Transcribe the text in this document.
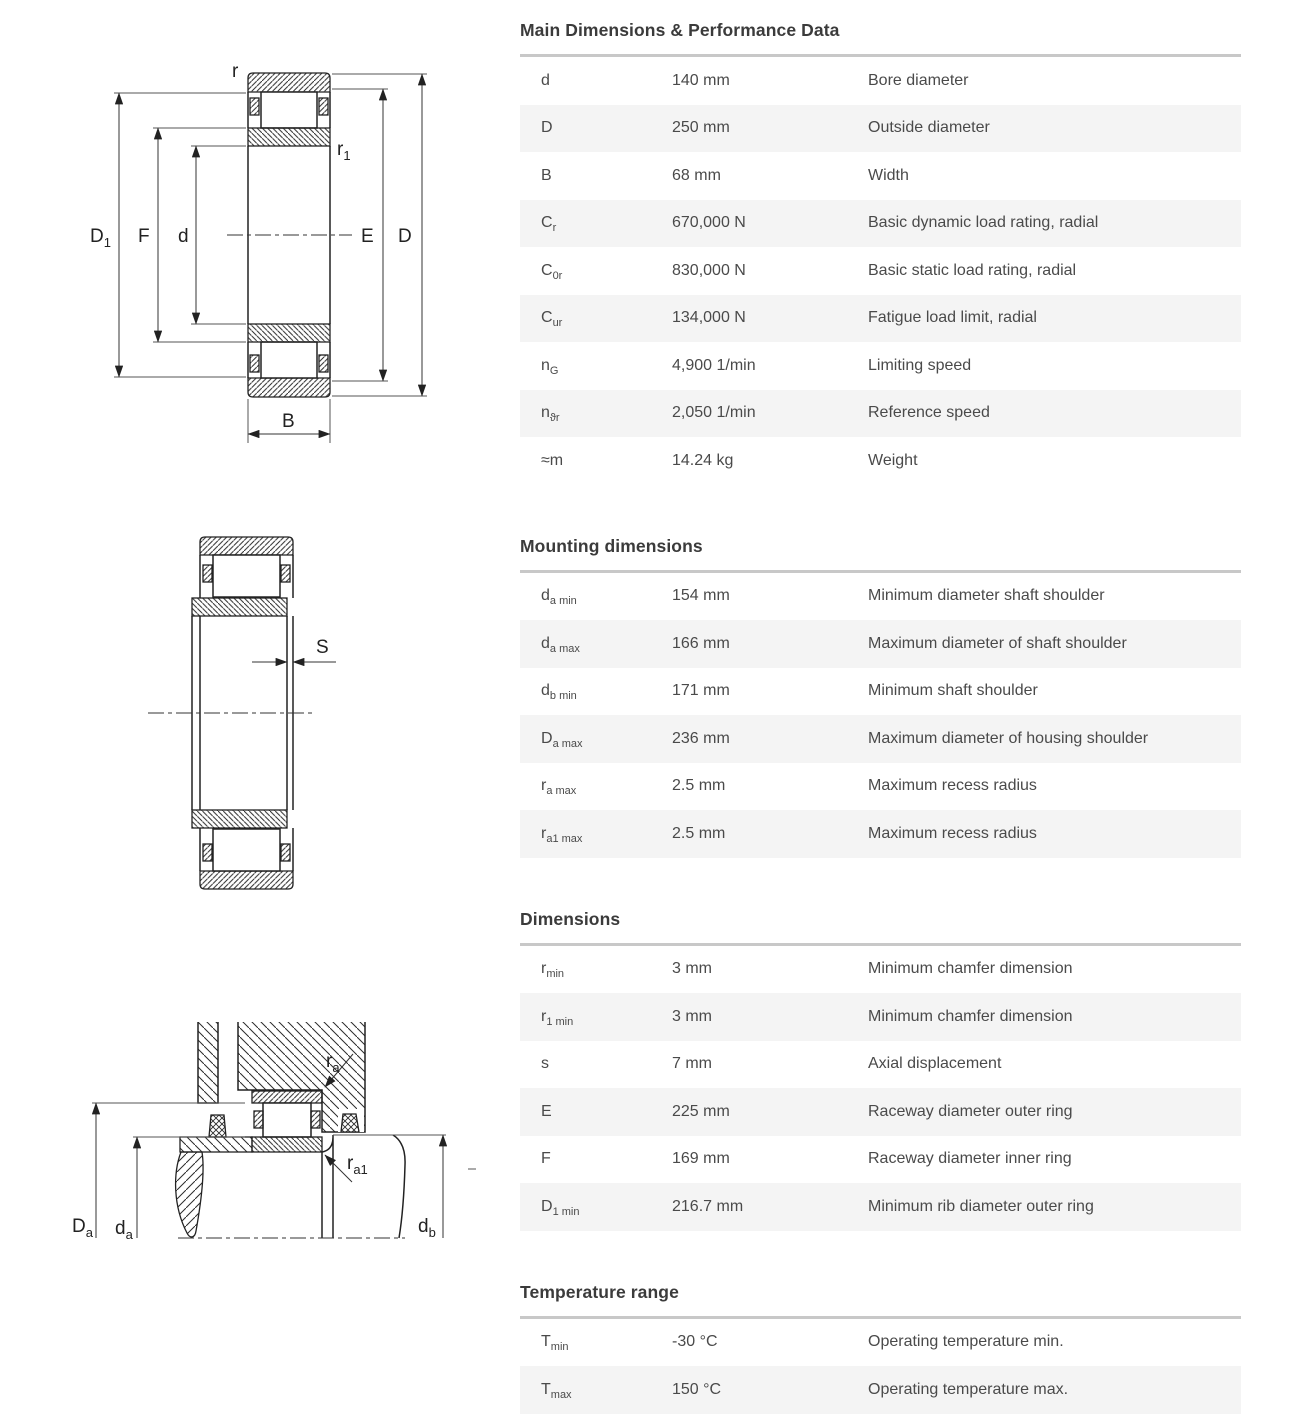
$D_1$ F d	E D
B
r
$r_1$
S
$D_a$ $d_a$	$d_b$
$r_a$
$r_{a1}$
Main Dimensions & Performance Data
d	140 mm	Bore diameter
D	250 mm	Outside diameter
B	68 mm	Width
$C_r$	670,000 N	Basic dynamic load rating, radial
$C_{0r}$	830,000 N	Basic static load rating, radial
$C_{ur}$	134,000 N	Fatigue load limit, radial
$n_G$	4,900 1/min	Limiting speed
$n_{ϑr}$	2,050 1/min	Reference speed
≈m	14.24 kg	Weight
Mounting dimensions
$d_{a min}$	154 mm	Minimum diameter shaft shoulder
$d_{a max}$	166 mm	Maximum diameter of shaft shoulder
$d_{b min}$	171 mm	Minimum shaft shoulder
$D_{a max}$	236 mm	Maximum diameter of housing shoulder
$r_{a max}$	2.5 mm	Maximum recess radius
$r_{a1 max}$	2.5 mm	Maximum recess radius
Dimensions
$r_{min}$	3 mm	Minimum chamfer dimension
$r_{1 min}$	3 mm	Minimum chamfer dimension
s	7 mm	Axial displacement
E	225 mm	Raceway diameter outer ring
F	169 mm	Raceway diameter inner ring
$D_{1 min}$	216.7 mm	Minimum rib diameter outer ring
Temperature range
$T_{min}$	-30 °C	Operating temperature min.
$T_{max}$	150 °C	Operating temperature max.
